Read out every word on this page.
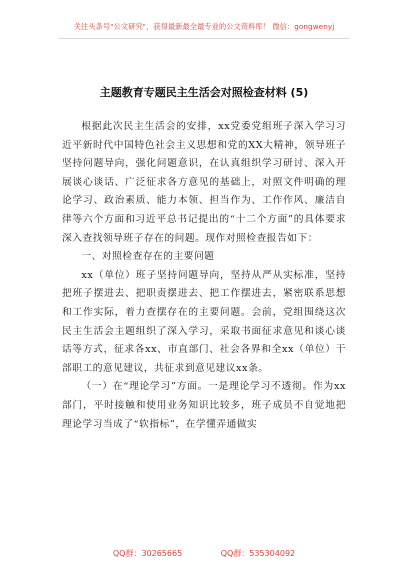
关注头条号"公文研究"，获得最新最全最专业的公文资料库！ 微信：gongwenyj
主题教育专题民主生活会对照检查材料 (5)

根据此次民主生活会的安排，xx党委党组班子深入学习习近平新时代中国特色社会主义思想和党的XX大精神，领导班子坚持问题导向，强化问题意识，在认真组织学习研讨、深入开展谈心谈话、广泛征求各方意见的基础上，对照文件明确的理论学习、政治素质、能力本领、担当作为、工作作风、廉洁自律等六个方面和习近平总书记提出的“十二个方面”的具体要求深入查找领导班子存在的问题。现作对照检查报告如下：

一、对照检查存在的主要问题

xx（单位）班子坚持问题导向，坚持从严从实标准，坚持把班子摆进去、把职责摆进去、把工作摆进去，紧密联系思想和工作实际，着力查摆存在的主要问题。会前，党组围绕这次民主生活会主题组织了深入学习，采取书面征求意见和谈心谈话等方式，征求各xx、市直部门、社会各界和全xx（单位）干部职工的意见建议，共征求到意见建议xx条。

（一）在“理论学习”方面。一是理论学习不透彻。作为xx部门，平时接触和使用业务知识比较多，班子成员不自觉地把理论学习当成了“软指标”，在学懂弄通做实

QQ群：30265665	QQ群：535304092
